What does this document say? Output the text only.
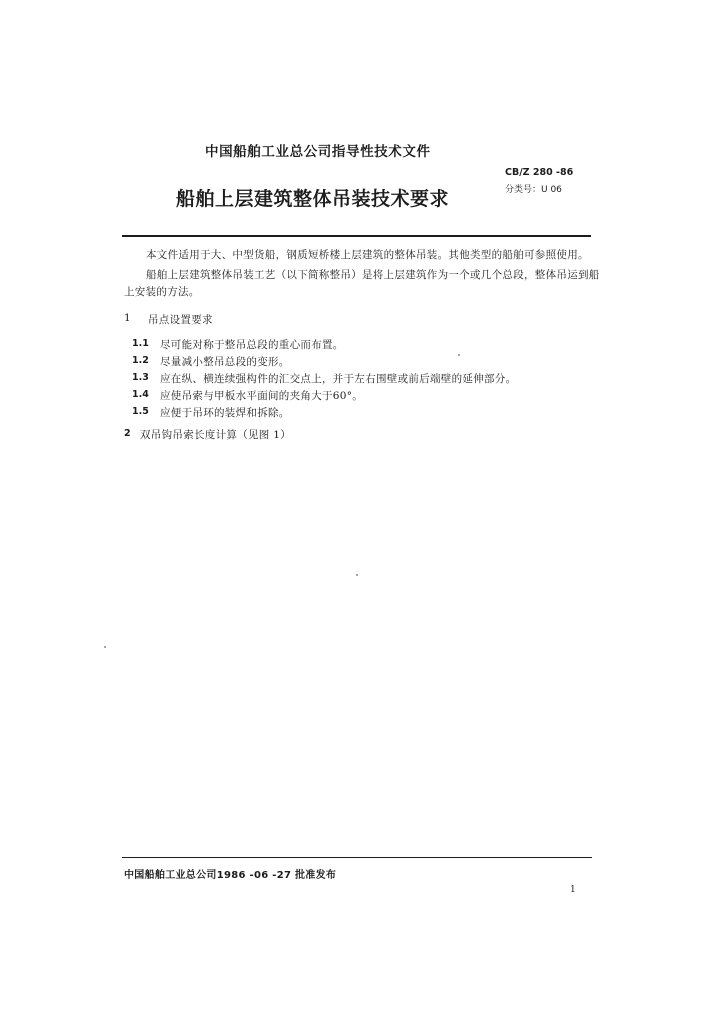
中国船舶工业总公司指导性技术文件
CB/Z 280 -86
分类号：U 06
船舶上层建筑整体吊装技术要求
本文件适用于大、中型货船，钢质短桥楼上层建筑的整体吊装。其他类型的船舶可参照使用。
船舶上层建筑整体吊装工艺（以下简称整吊）是将上层建筑作为一个或几个总段，整体吊运到船
上安装的方法。
1 吊点设置要求
1.1 尽可能对称于整吊总段的重心而布置。
1.2 尽量减小整吊总段的变形。
1.3 应在纵、横连续强构件的汇交点上，并于左右围壁或前后端壁的延伸部分。
1.4 应使吊索与甲板水平面间的夹角大于60°。
1.5 应便于吊环的装焊和拆除。
2 双吊钩吊索长度计算（见图 1）
中国船舶工业总公司1986 -06 -27 批准发布
1
